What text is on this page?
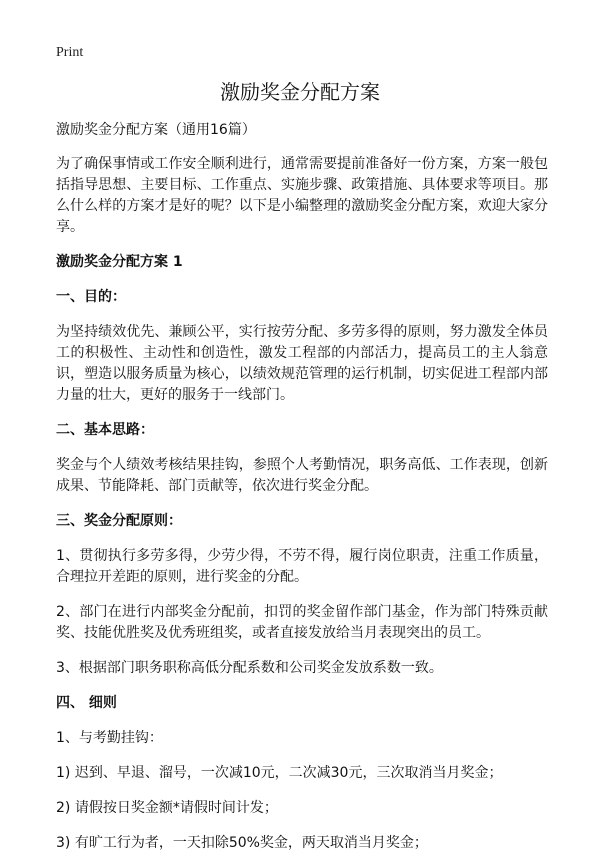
Print
激励奖金分配方案

激励奖金分配方案（通用16篇）

为了确保事情或工作安全顺利进行，通常需要提前准备好一份方案，方案一般包括指导思想、主要目标、工作重点、实施步骤、政策措施、具体要求等项目。那么什么样的方案才是好的呢？以下是小编整理的激励奖金分配方案，欢迎大家分享。

激励奖金分配方案 1

一、目的：

为坚持绩效优先、兼顾公平，实行按劳分配、多劳多得的原则，努力激发全体员工的积极性、主动性和创造性，激发工程部的内部活力，提高员工的主人翁意识，塑造以服务质量为核心，以绩效规范管理的运行机制，切实促进工程部内部力量的壮大，更好的服务于一线部门。

二、基本思路：

奖金与个人绩效考核结果挂钩，参照个人考勤情况，职务高低、工作表现，创新成果、节能降耗、部门贡献等，依次进行奖金分配。

三、奖金分配原则：

1、贯彻执行多劳多得，少劳少得，不劳不得，履行岗位职责，注重工作质量，合理拉开差距的原则，进行奖金的分配。

2、部门在进行内部奖金分配前，扣罚的奖金留作部门基金，作为部门特殊贡献奖、技能优胜奖及优秀班组奖，或者直接发放给当月表现突出的员工。

3、根据部门职务职称高低分配系数和公司奖金发放系数一致。

四、 细则

1、与考勤挂钩：

1) 迟到、早退、溜号，一次减10元，二次减30元，三次取消当月奖金；

2) 请假按日奖金额*请假时间计发；

3) 有旷工行为者，一天扣除50%奖金，两天取消当月奖金；
